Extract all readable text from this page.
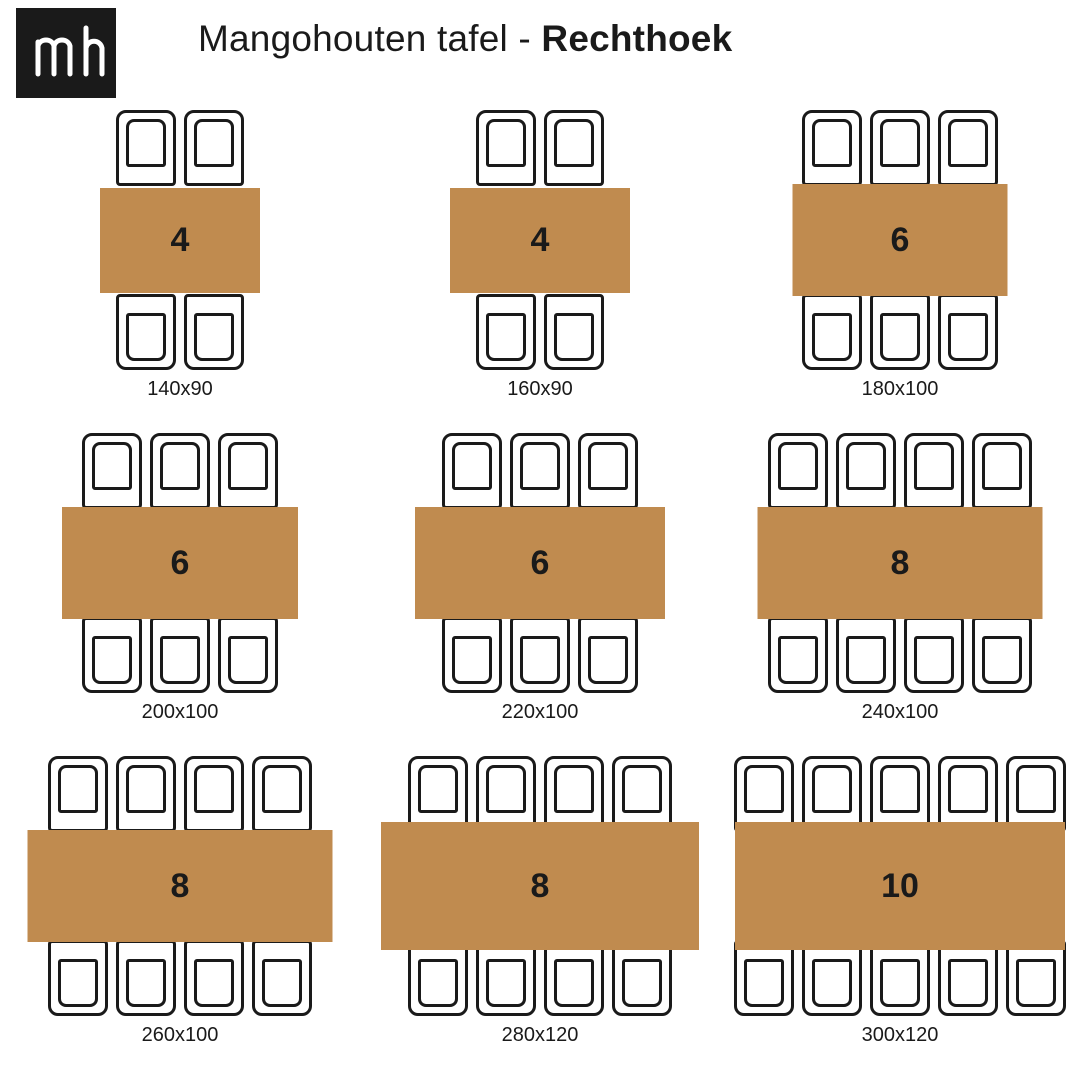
Mangohouten tafel - Rechthoek
4
140x90
4
160x90
6
180x100
6
200x100
6
220x100
8
240x100
8
260x100
8
280x120
10
300x120
